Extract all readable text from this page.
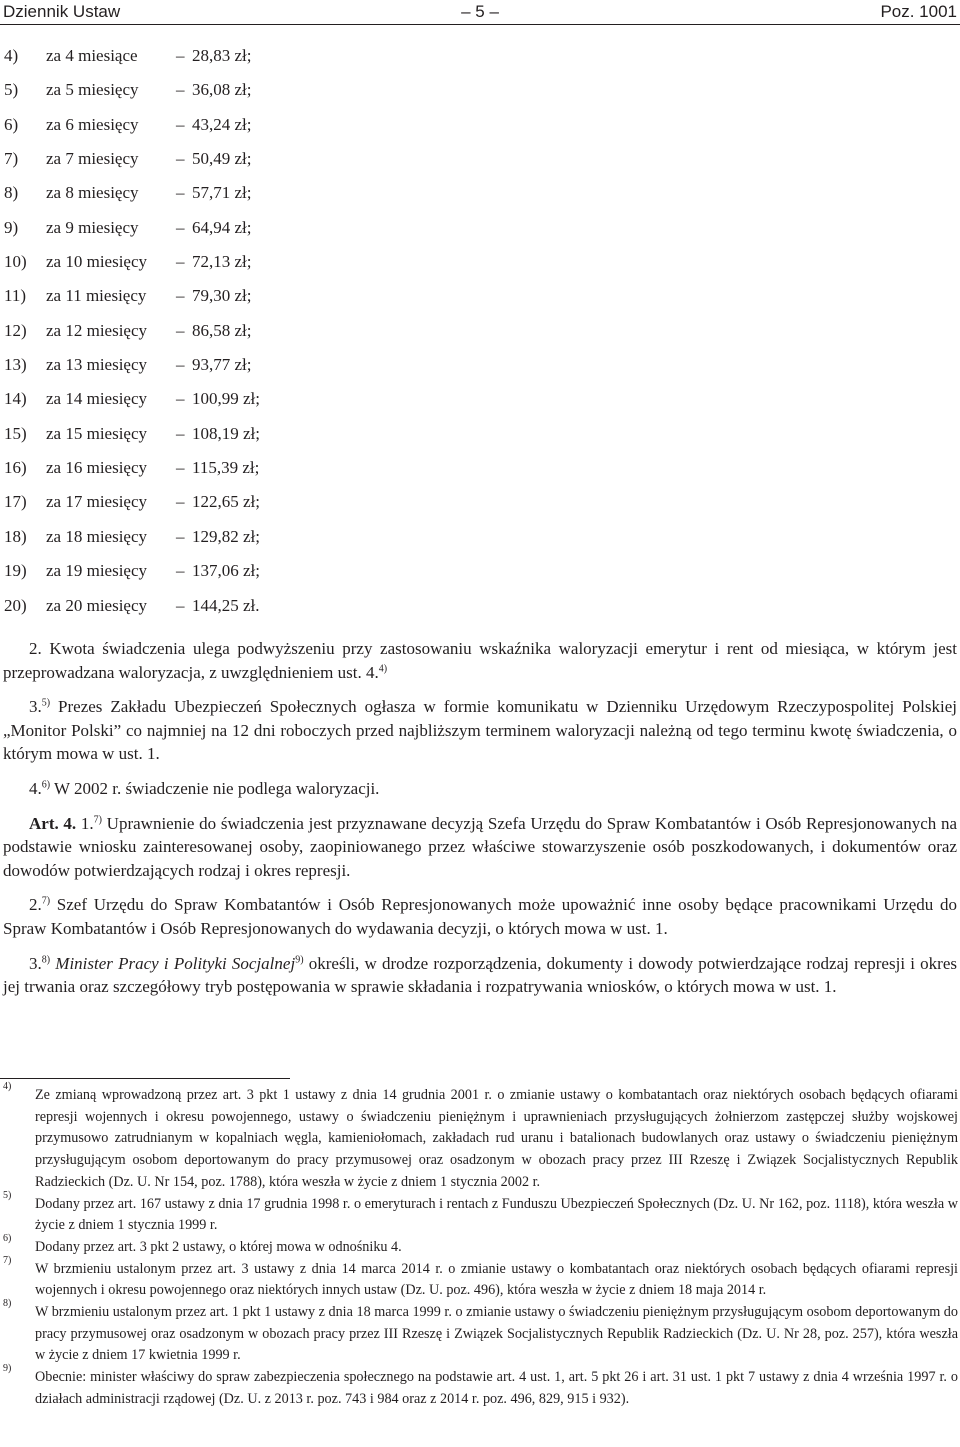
Dziennik Ustaw	– 5 –	Poz. 1001
4) za 4 miesiące – 28,83 zł;
5) za 5 miesięcy – 36,08 zł;
6) za 6 miesięcy – 43,24 zł;
7) za 7 miesięcy – 50,49 zł;
8) za 8 miesięcy – 57,71 zł;
9) za 9 miesięcy – 64,94 zł;
10) za 10 miesięcy – 72,13 zł;
11) za 11 miesięcy – 79,30 zł;
12) za 12 miesięcy – 86,58 zł;
13) za 13 miesięcy – 93,77 zł;
14) za 14 miesięcy – 100,99 zł;
15) za 15 miesięcy – 108,19 zł;
16) za 16 miesięcy – 115,39 zł;
17) za 17 miesięcy – 122,65 zł;
18) za 18 miesięcy – 129,82 zł;
19) za 19 miesięcy – 137,06 zł;
20) za 20 miesięcy – 144,25 zł.

2. Kwota świadczenia ulega podwyższeniu przy zastosowaniu wskaźnika waloryzacji emerytur i rent od miesiąca, w którym jest przeprowadzana waloryzacja, z uwzględnieniem ust. 4.$^{4)}$

3.$^{5)}$ Prezes Zakładu Ubezpieczeń Społecznych ogłasza w formie komunikatu w Dzienniku Urzędowym Rzeczypospolitej Polskiej „Monitor Polski” co najmniej na 12 dni roboczych przed najbliższym terminem waloryzacji należną od tego terminu kwotę świadczenia, o którym mowa w ust. 1.

4.$^{6)}$ W 2002 r. świadczenie nie podlega waloryzacji.

Art. 4. 1.$^{7)}$ Uprawnienie do świadczenia jest przyznawane decyzją Szefa Urzędu do Spraw Kombatantów i Osób Represjonowanych na podstawie wniosku zainteresowanej osoby, zaopiniowanego przez właściwe stowarzyszenie osób poszkodowanych, i dokumentów oraz dowodów potwierdzających rodzaj i okres represji.

2.$^{7)}$ Szef Urzędu do Spraw Kombatantów i Osób Represjonowanych może upoważnić inne osoby będące pracownikami Urzędu do Spraw Kombatantów i Osób Represjonowanych do wydawania decyzji, o których mowa w ust. 1.

3.$^{8)}$ Minister Pracy i Polityki Socjalnej$^{9)}$ określi, w drodze rozporządzenia, dokumenty i dowody potwierdzające rodzaj represji i okres jej trwania oraz szczegółowy tryb postępowania w sprawie składania i rozpatrywania wniosków, o których mowa w ust. 1.

4)
Ze zmianą wprowadzoną przez art. 3 pkt 1 ustawy z dnia 14 grudnia 2001 r. o zmianie ustawy o kombatantach oraz niektórych osobach będących ofiarami represji wojennych i okresu powojennego, ustawy o świadczeniu pieniężnym i uprawnieniach przysługujących żołnierzom zastępczej służby wojskowej przymusowo zatrudnianym w kopalniach węgla, kamieniołomach, zakładach rud uranu i batalionach budowlanych oraz ustawy o świadczeniu pieniężnym przysługującym osobom deportowanym do pracy przymusowej oraz osadzonym w obozach pracy przez III Rzeszę i Związek Socjalistycznych Republik Radzieckich (Dz. U. Nr 154, poz. 1788), która weszła w życie z dniem 1 stycznia 2002 r.
5)
Dodany przez art. 167 ustawy z dnia 17 grudnia 1998 r. o emeryturach i rentach z Funduszu Ubezpieczeń Społecznych (Dz. U. Nr 162, poz. 1118), która weszła w życie z dniem 1 stycznia 1999 r.
6)
Dodany przez art. 3 pkt 2 ustawy, o której mowa w odnośniku 4.
7)
W brzmieniu ustalonym przez art. 3 ustawy z dnia 14 marca 2014 r. o zmianie ustawy o kombatantach oraz niektórych osobach będących ofiarami represji wojennych i okresu powojennego oraz niektórych innych ustaw (Dz. U. poz. 496), która weszła w życie z dniem 18 maja 2014 r.
8)
W brzmieniu ustalonym przez art. 1 pkt 1 ustawy z dnia 18 marca 1999 r. o zmianie ustawy o świadczeniu pieniężnym przysługującym osobom deportowanym do pracy przymusowej oraz osadzonym w obozach pracy przez III Rzeszę i Związek Socjalistycznych Republik Radzieckich (Dz. U. Nr 28, poz. 257), która weszła w życie z dniem 17 kwietnia 1999 r.
9)
Obecnie: minister właściwy do spraw zabezpieczenia społecznego na podstawie art. 4 ust. 1, art. 5 pkt 26 i art. 31 ust. 1 pkt 7 ustawy z dnia 4 września 1997 r. o działach administracji rządowej (Dz. U. z 2013 r. poz. 743 i 984 oraz z 2014 r. poz. 496, 829, 915 i 932).
